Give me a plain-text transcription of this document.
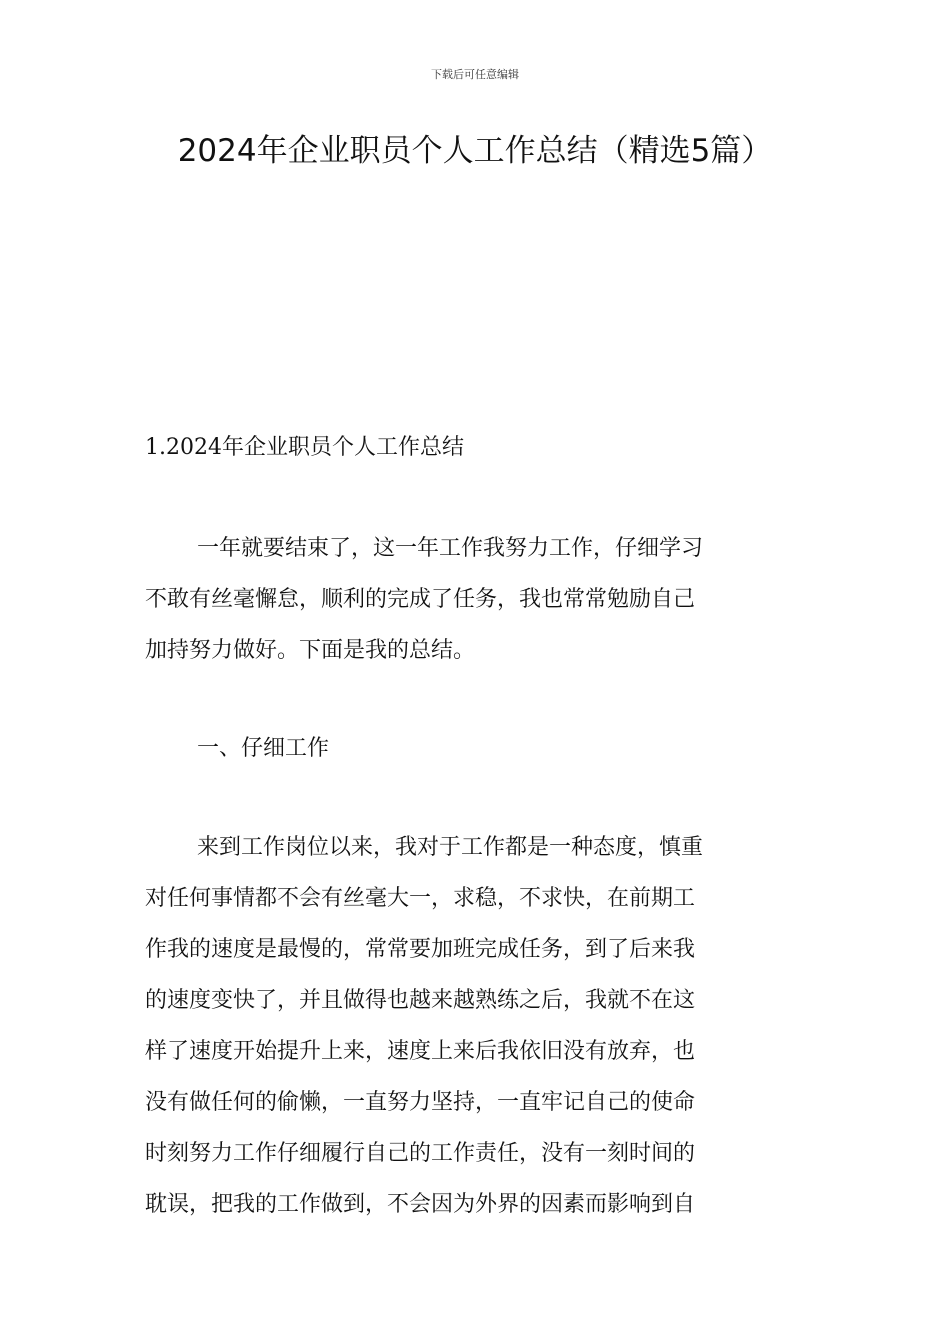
下载后可任意编辑
2024年企业职员个人工作总结（精选5篇）
1.2024年企业职员个人工作总结

一年就要结束了，这一年工作我努力工作，仔细学习
不敢有丝毫懈怠，顺利的完成了任务，我也常常勉励自己
加持努力做好。下面是我的总结。

一、仔细工作

来到工作岗位以来，我对于工作都是一种态度，慎重
对任何事情都不会有丝毫大一，求稳，不求快，在前期工
作我的速度是最慢的，常常要加班完成任务，到了后来我
的速度变快了，并且做得也越来越熟练之后，我就不在这
样了速度开始提升上来，速度上来后我依旧没有放弃，也
没有做任何的偷懒，一直努力坚持，一直牢记自己的使命
时刻努力工作仔细履行自己的工作责任，没有一刻时间的
耽误，把我的工作做到，不会因为外界的因素而影响到自
